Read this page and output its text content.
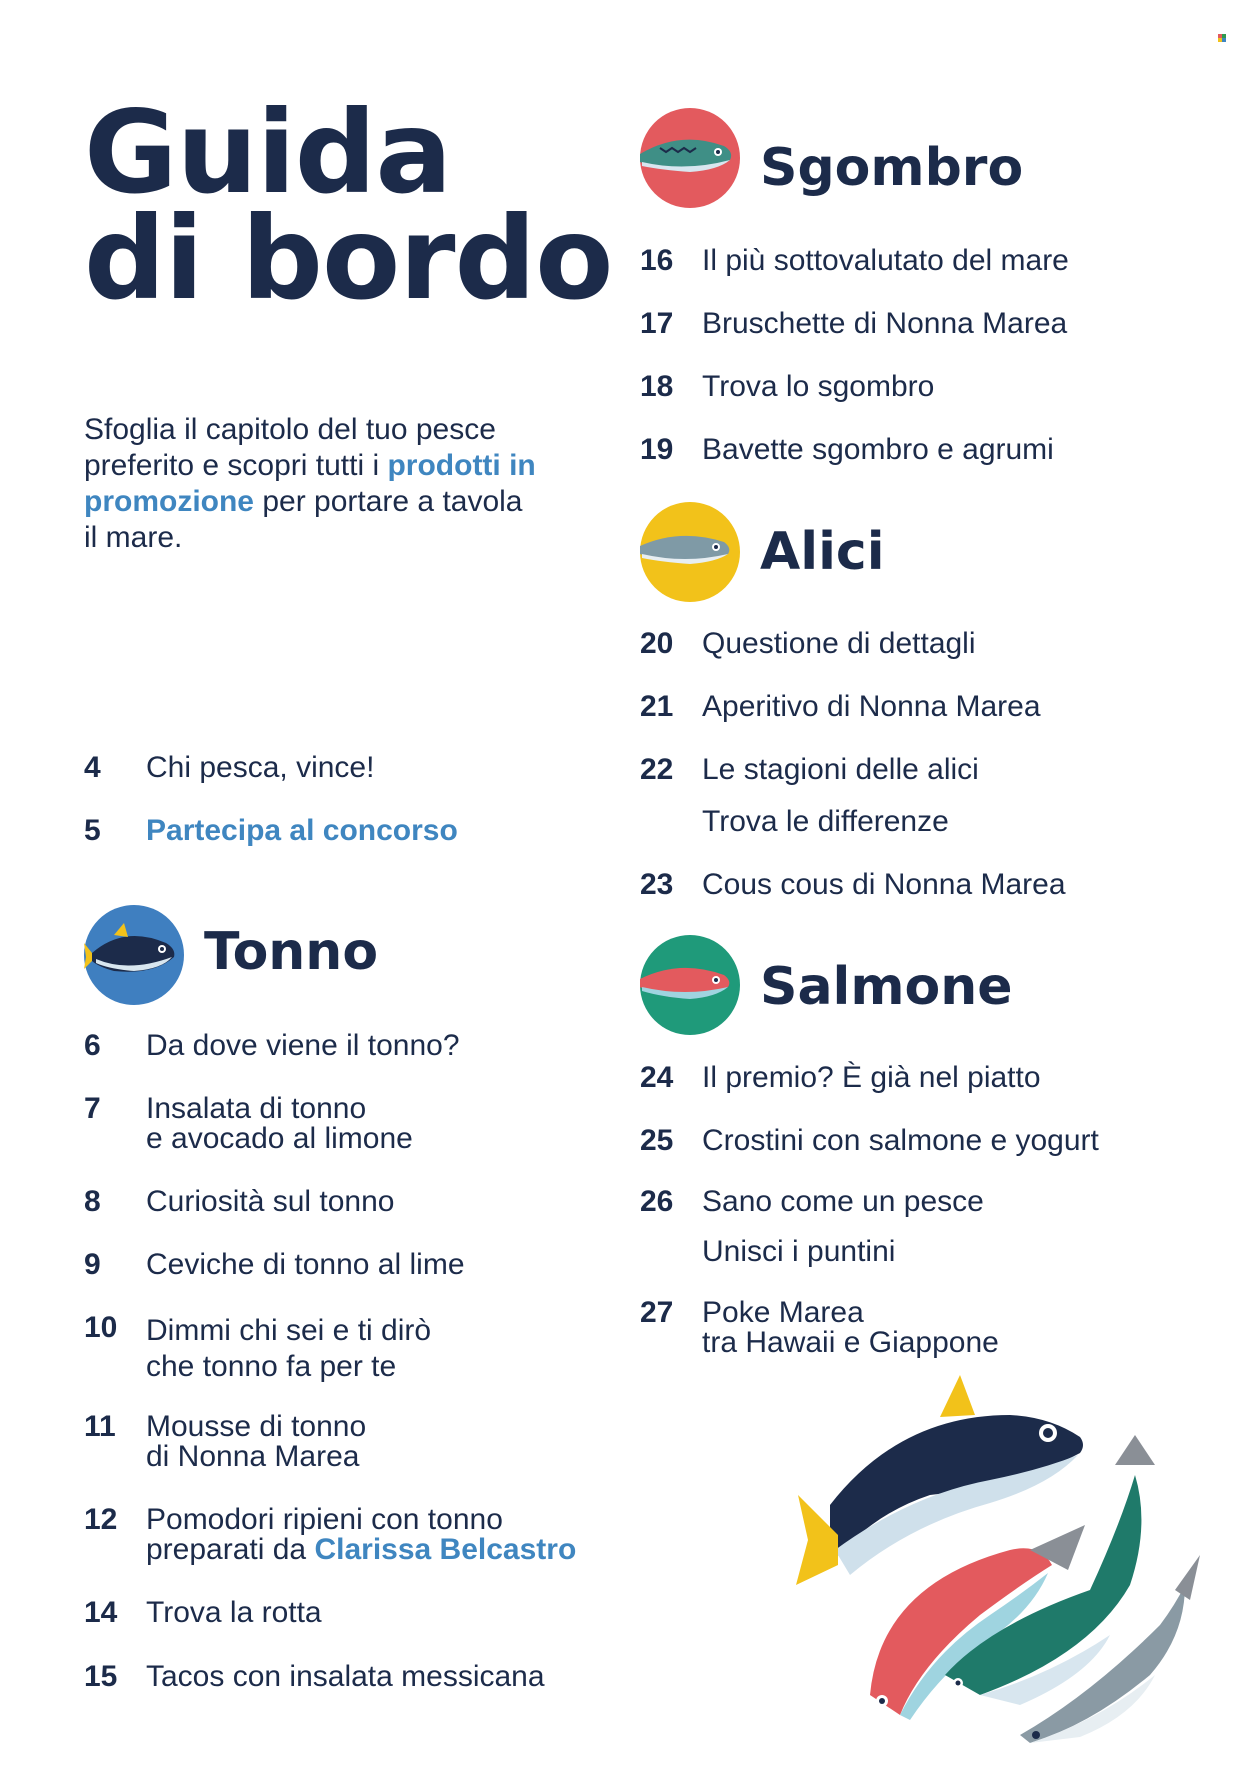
Guida
di bordo
Sfoglia il capitolo del tuo pesce preferito e scopri tutti i prodotti in promozione per portare a tavola il mare.
4 Chi pesca, vince!
5 Partecipa al concorso
Tonno
6 Da dove viene il tonno?
7 Insalata di tonno
e avocado al limone
8 Curiosità sul tonno
9 Ceviche di tonno al lime
10 Dimmi chi sei e ti dirò
che tonno fa per te
11 Mousse di tonno
di Nonna Marea
12 Pomodori ripieni con tonno
preparati da Clarissa Belcastro
14 Trova la rotta
15 Tacos con insalata messicana
Sgombro
16 Il più sottovalutato del mare
17 Bruschette di Nonna Marea
18 Trova lo sgombro
19 Bavette sgombro e agrumi
Alici
20 Questione di dettagli
21 Aperitivo di Nonna Marea
22 Le stagioni delle alici
Trova le differenze
23 Cous cous di Nonna Marea
Salmone
24 Il premio? È già nel piatto
25 Crostini con salmone e yogurt
26 Sano come un pesce
Unisci i puntini
27 Poke Marea
tra Hawaii e Giappone
